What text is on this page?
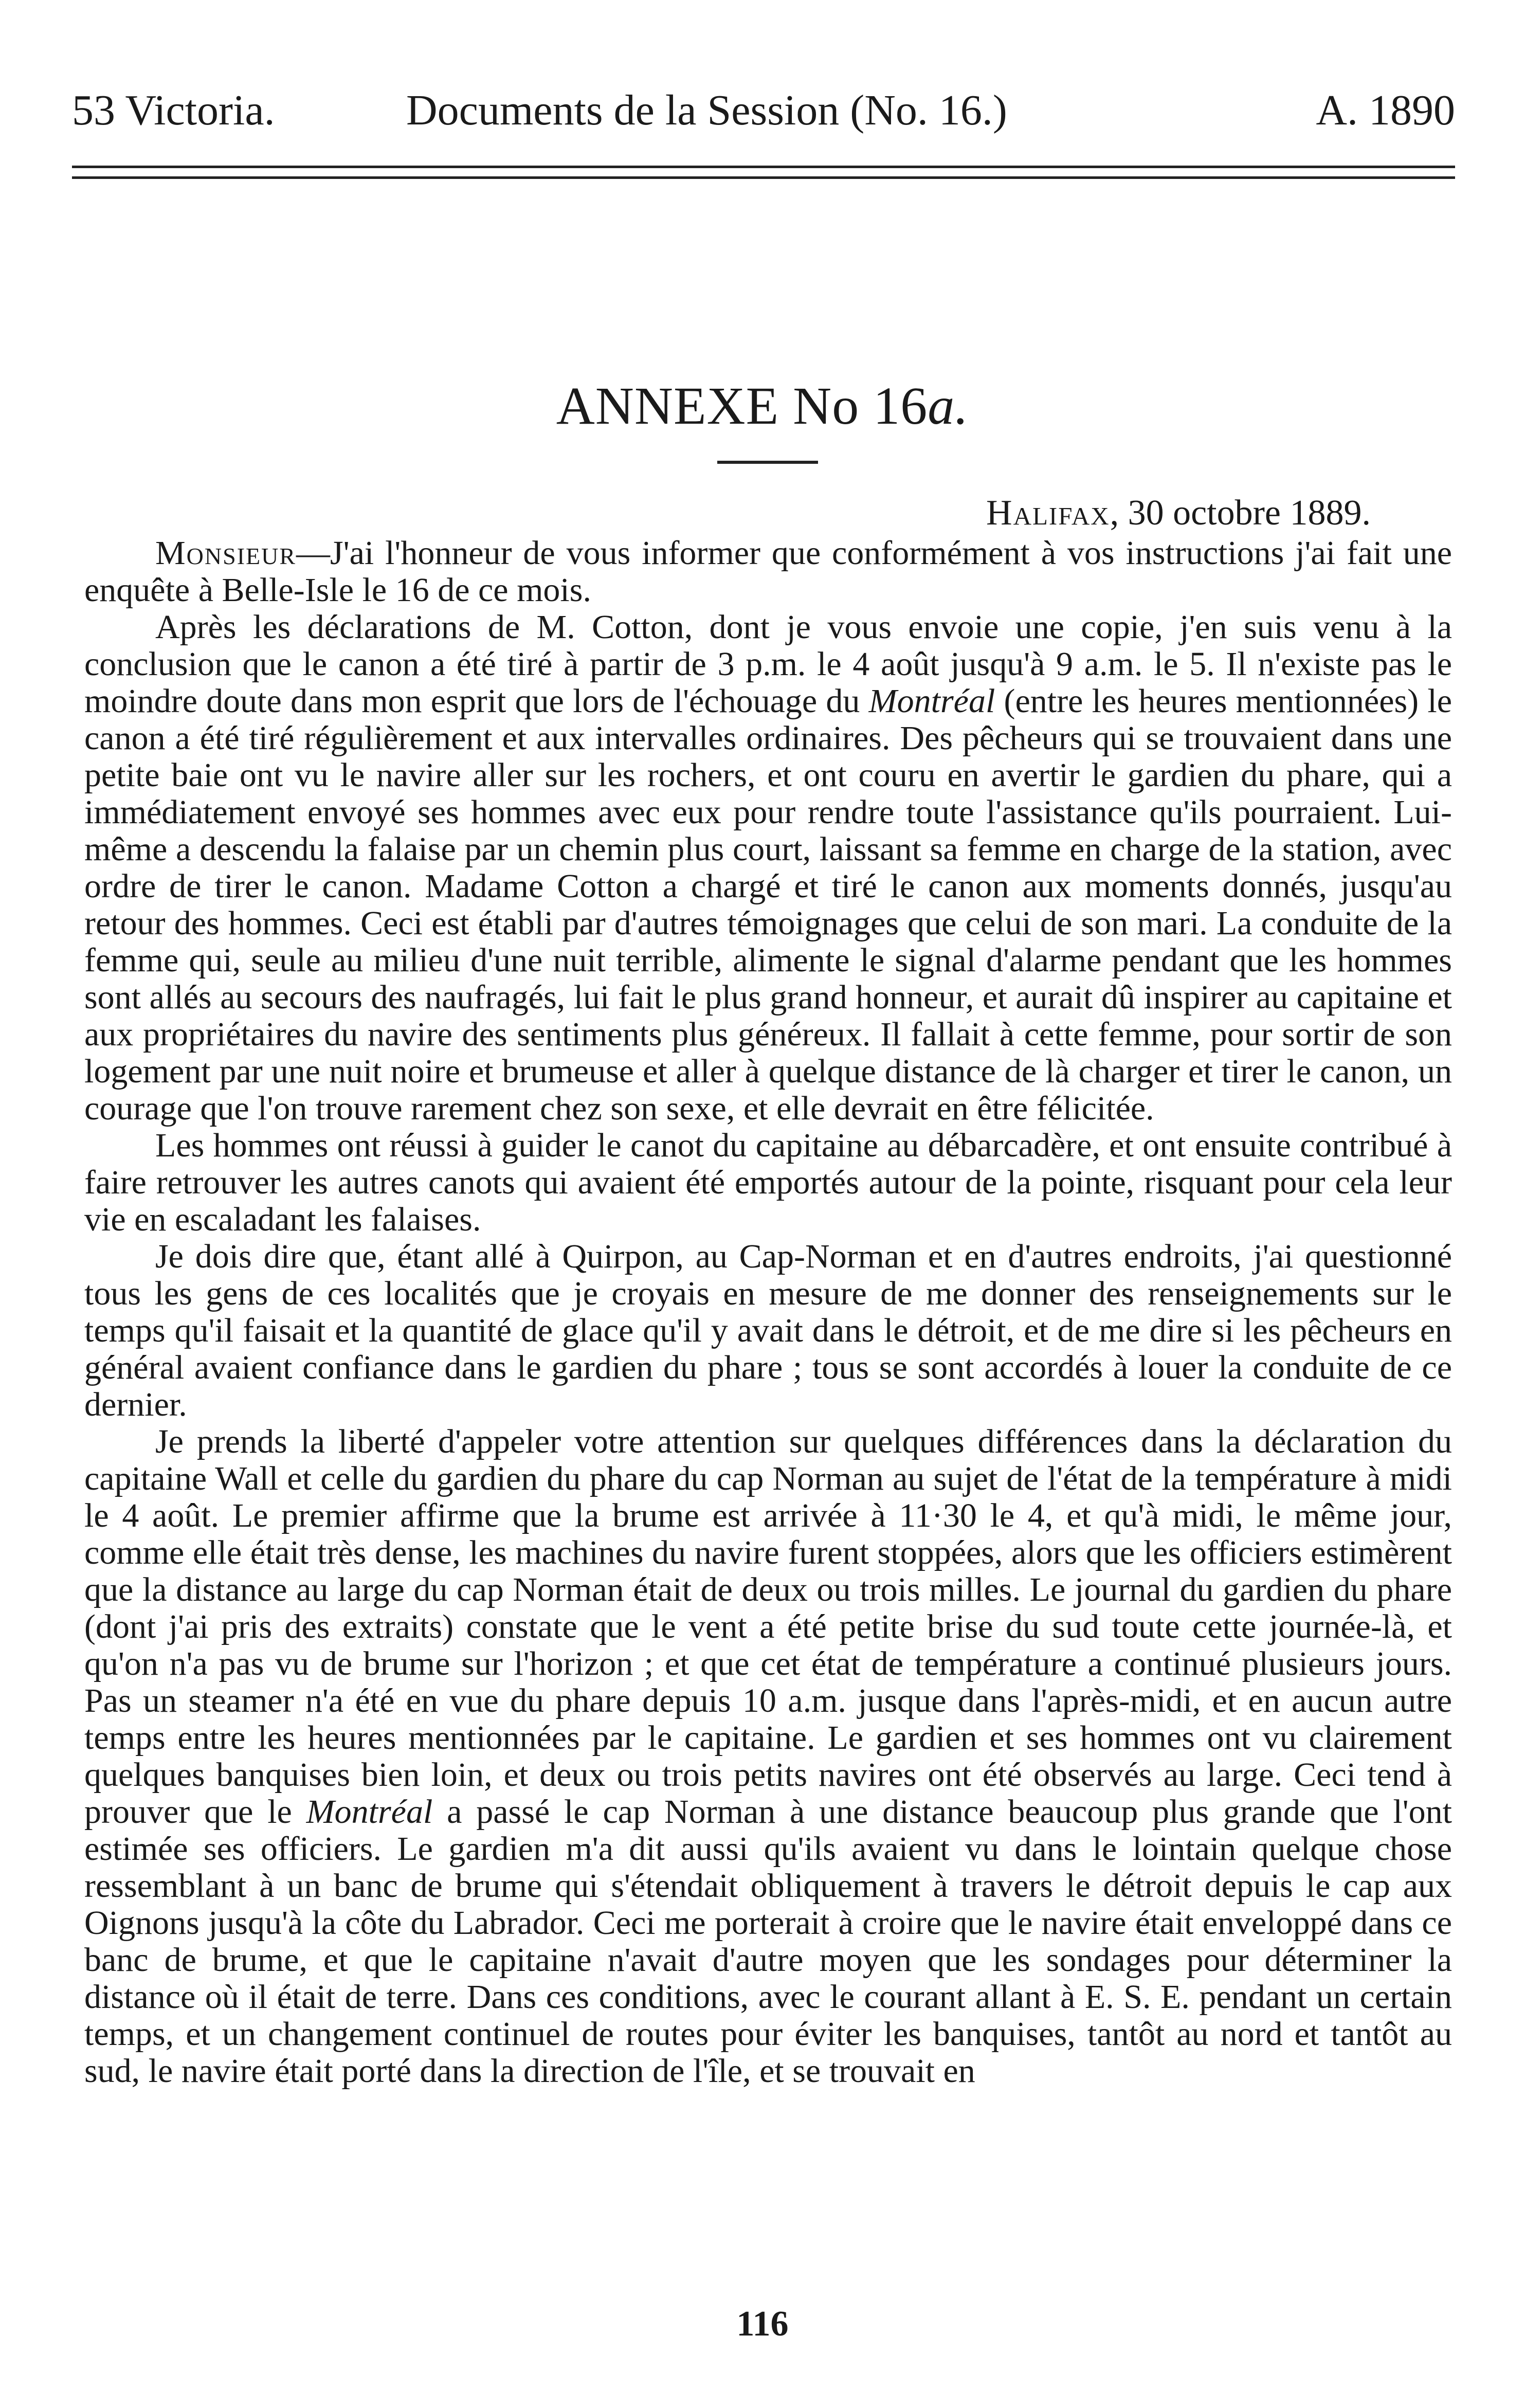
53 Victoria.	Documents de la Session (No. 16.)	A. 1890
ANNEXE No 16a.
Halifax, 30 octobre 1889.

Monsieur—J'ai l'honneur de vous informer que conformément à vos instructions j'ai fait une enquête à Belle-Isle le 16 de ce mois.

Après les déclarations de M. Cotton, dont je vous envoie une copie, j'en suis venu à la conclusion que le canon a été tiré à partir de 3 p.m. le 4 août jusqu'à 9 a.m. le 5. Il n'existe pas le moindre doute dans mon esprit que lors de l'échouage du Montréal (entre les heures mentionnées) le canon a été tiré régulièrement et aux intervalles ordinaires. Des pêcheurs qui se trouvaient dans une petite baie ont vu le navire aller sur les rochers, et ont couru en avertir le gardien du phare, qui a immédiatement envoyé ses hommes avec eux pour rendre toute l'assistance qu'ils pourraient. Lui-même a descendu la falaise par un chemin plus court, laissant sa femme en charge de la station, avec ordre de tirer le canon. Madame Cotton a chargé et tiré le canon aux moments donnés, jusqu'au retour des hommes. Ceci est établi par d'autres témoignages que celui de son mari. La conduite de la femme qui, seule au milieu d'une nuit terrible, alimente le signal d'alarme pendant que les hommes sont allés au secours des naufragés, lui fait le plus grand honneur, et aurait dû inspirer au capitaine et aux propriétaires du navire des sentiments plus généreux. Il fallait à cette femme, pour sortir de son logement par une nuit noire et brumeuse et aller à quelque distance de là charger et tirer le canon, un courage que l'on trouve rarement chez son sexe, et elle devrait en être félicitée.

Les hommes ont réussi à guider le canot du capitaine au débarcadère, et ont ensuite contribué à faire retrouver les autres canots qui avaient été emportés autour de la pointe, risquant pour cela leur vie en escaladant les falaises.

Je dois dire que, étant allé à Quirpon, au Cap-Norman et en d'autres endroits, j'ai questionné tous les gens de ces localités que je croyais en mesure de me donner des renseignements sur le temps qu'il faisait et la quantité de glace qu'il y avait dans le détroit, et de me dire si les pêcheurs en général avaient confiance dans le gardien du phare ; tous se sont accordés à louer la conduite de ce dernier.

Je prends la liberté d'appeler votre attention sur quelques différences dans la déclaration du capitaine Wall et celle du gardien du phare du cap Norman au sujet de l'état de la température à midi le 4 août. Le premier affirme que la brume est arrivée à 11·30 le 4, et qu'à midi, le même jour, comme elle était très dense, les machines du navire furent stoppées, alors que les officiers estimèrent que la distance au large du cap Norman était de deux ou trois milles. Le journal du gardien du phare (dont j'ai pris des extraits) constate que le vent a été petite brise du sud toute cette journée-là, et qu'on n'a pas vu de brume sur l'horizon ; et que cet état de température a continué plusieurs jours. Pas un steamer n'a été en vue du phare depuis 10 a.m. jusque dans l'après-midi, et en aucun autre temps entre les heures mentionnées par le capitaine. Le gardien et ses hommes ont vu clairement quelques banquises bien loin, et deux ou trois petits navires ont été observés au large. Ceci tend à prouver que le Montréal a passé le cap Norman à une distance beaucoup plus grande que l'ont estimée ses officiers. Le gardien m'a dit aussi qu'ils avaient vu dans le lointain quelque chose ressemblant à un banc de brume qui s'étendait obliquement à travers le détroit depuis le cap aux Oignons jusqu'à la côte du Labrador. Ceci me porterait à croire que le navire était enveloppé dans ce banc de brume, et que le capitaine n'avait d'autre moyen que les sondages pour déterminer la distance où il était de terre. Dans ces conditions, avec le courant allant à E. S. E. pendant un certain temps, et un changement continuel de routes pour éviter les banquises, tantôt au nord et tantôt au sud, le navire était porté dans la direction de l'île, et se trouvait en

116
